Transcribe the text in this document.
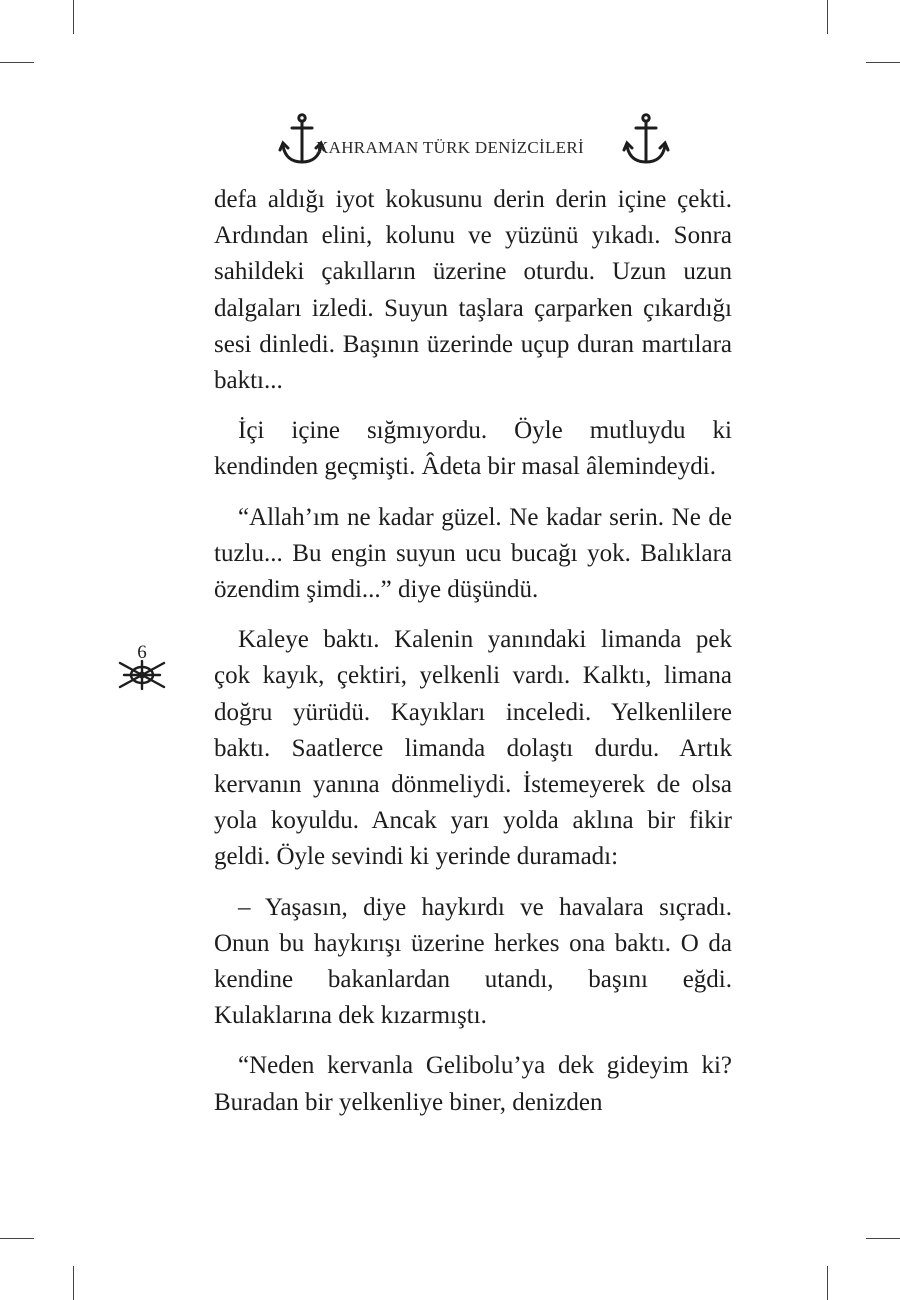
KAHRAMAN TÜRK DENİZCİLERİ
6

defa aldığı iyot kokusunu derin derin içine çekti. Ardından elini, kolunu ve yüzünü yıkadı. Sonra sahildeki çakılların üzerine oturdu. Uzun uzun dalgaları izledi. Suyun taşlara çarparken çıkardığı sesi dinledi. Başının üzerinde uçup duran martılara baktı...

İçi içine sığmıyordu. Öyle mutluydu ki kendinden geçmişti. Âdeta bir masal âlemindeydi.

“Allah’ım ne kadar güzel. Ne kadar serin. Ne de tuzlu... Bu engin suyun ucu bucağı yok. Balıklara özendim şimdi...” diye düşündü.

Kaleye baktı. Kalenin yanındaki limanda pek çok kayık, çektiri, yelkenli vardı. Kalktı, limana doğru yürüdü. Kayıkları inceledi. Yelkenlilere baktı. Saatlerce limanda dolaştı durdu. Artık kervanın yanına dönmeliydi. İstemeyerek de olsa yola koyuldu. Ancak yarı yolda aklına bir fikir geldi. Öyle sevindi ki yerinde duramadı:

– Yaşasın, diye haykırdı ve havalara sıçradı. Onun bu haykırışı üzerine herkes ona baktı. O da kendine bakanlardan utandı, başını eğdi. Kulaklarına dek kızarmıştı.

“Neden kervanla Gelibolu’ya dek gideyim ki? Buradan bir yelkenliye biner, denizden
